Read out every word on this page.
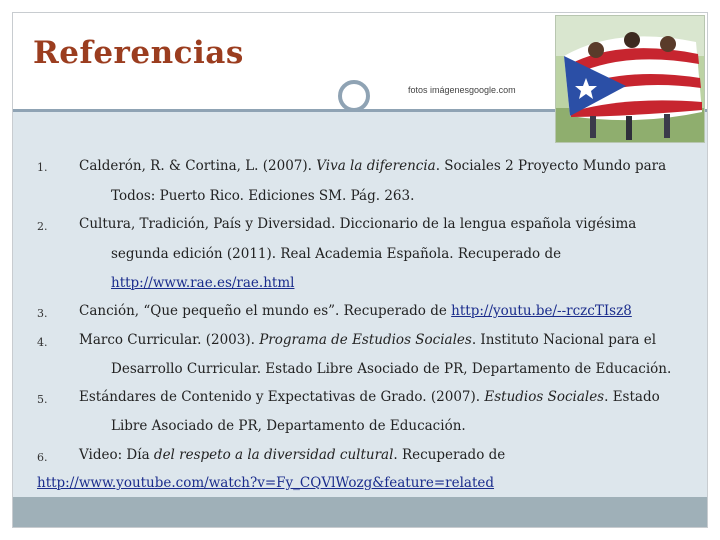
Referencias
fotos imágenesgoogle.com
1. Calderón, R. & Cortina, L. (2007). Viva la diferencia. Sociales 2 Proyecto Mundo para
Todos: Puerto Rico. Ediciones SM. Pág. 263.
2. Cultura, Tradición, País y Diversidad. Diccionario de la lengua española vigésima
segunda edición (2011). Real Academia Española. Recuperado de
http://www.rae.es/rae.html
3. Canción, “Que pequeño el mundo es”. Recuperado de http://youtu.be/--rczcTIsz8
4. Marco Curricular. (2003). Programa de Estudios Sociales. Instituto Nacional para el
Desarrollo Curricular. Estado Libre Asociado de PR, Departamento de Educación.
5. Estándares de Contenido y Expectativas de Grado. (2007). Estudios Sociales. Estado
Libre Asociado de PR, Departamento de Educación.
6. Video: Día del respeto a la diversidad cultural. Recuperado de
http://www.youtube.com/watch?v=Fy_CQVlWozg&feature=related
